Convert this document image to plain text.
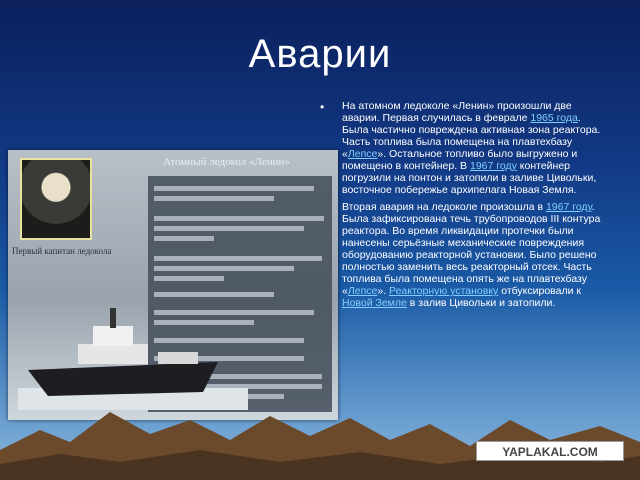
Аварии
Первый капитан ледокола
Атомный ледокол «Ленин»
• На атомном ледоколе «Ленин» произошли две аварии. Первая случилась в феврале 1965 года. Была частично повреждена активная зона реактора. Часть топлива была помещена на плавтехбазу «Лепсе». Остальное топливо было выгружено и помещено в контейнер. В 1967 году контейнер погрузили на понтон и затопили в заливе Цивольки, восточное побережье архипелага Новая Земля.

Вторая авария на ледоколе произошла в 1967 году. Была зафиксирована течь трубопроводов III контура реактора. Во время ликвидации протечки были нанесены серьёзные механические повреждения оборудованию реакторной установки. Было решено полностью заменить весь реакторный отсек. Часть топлива была помещена опять же на плавтехбазу «Лепсе». Реакторную установку отбуксировали к Новой Земле в залив Цивольки и затопили.

YAPLAKAL.COM
